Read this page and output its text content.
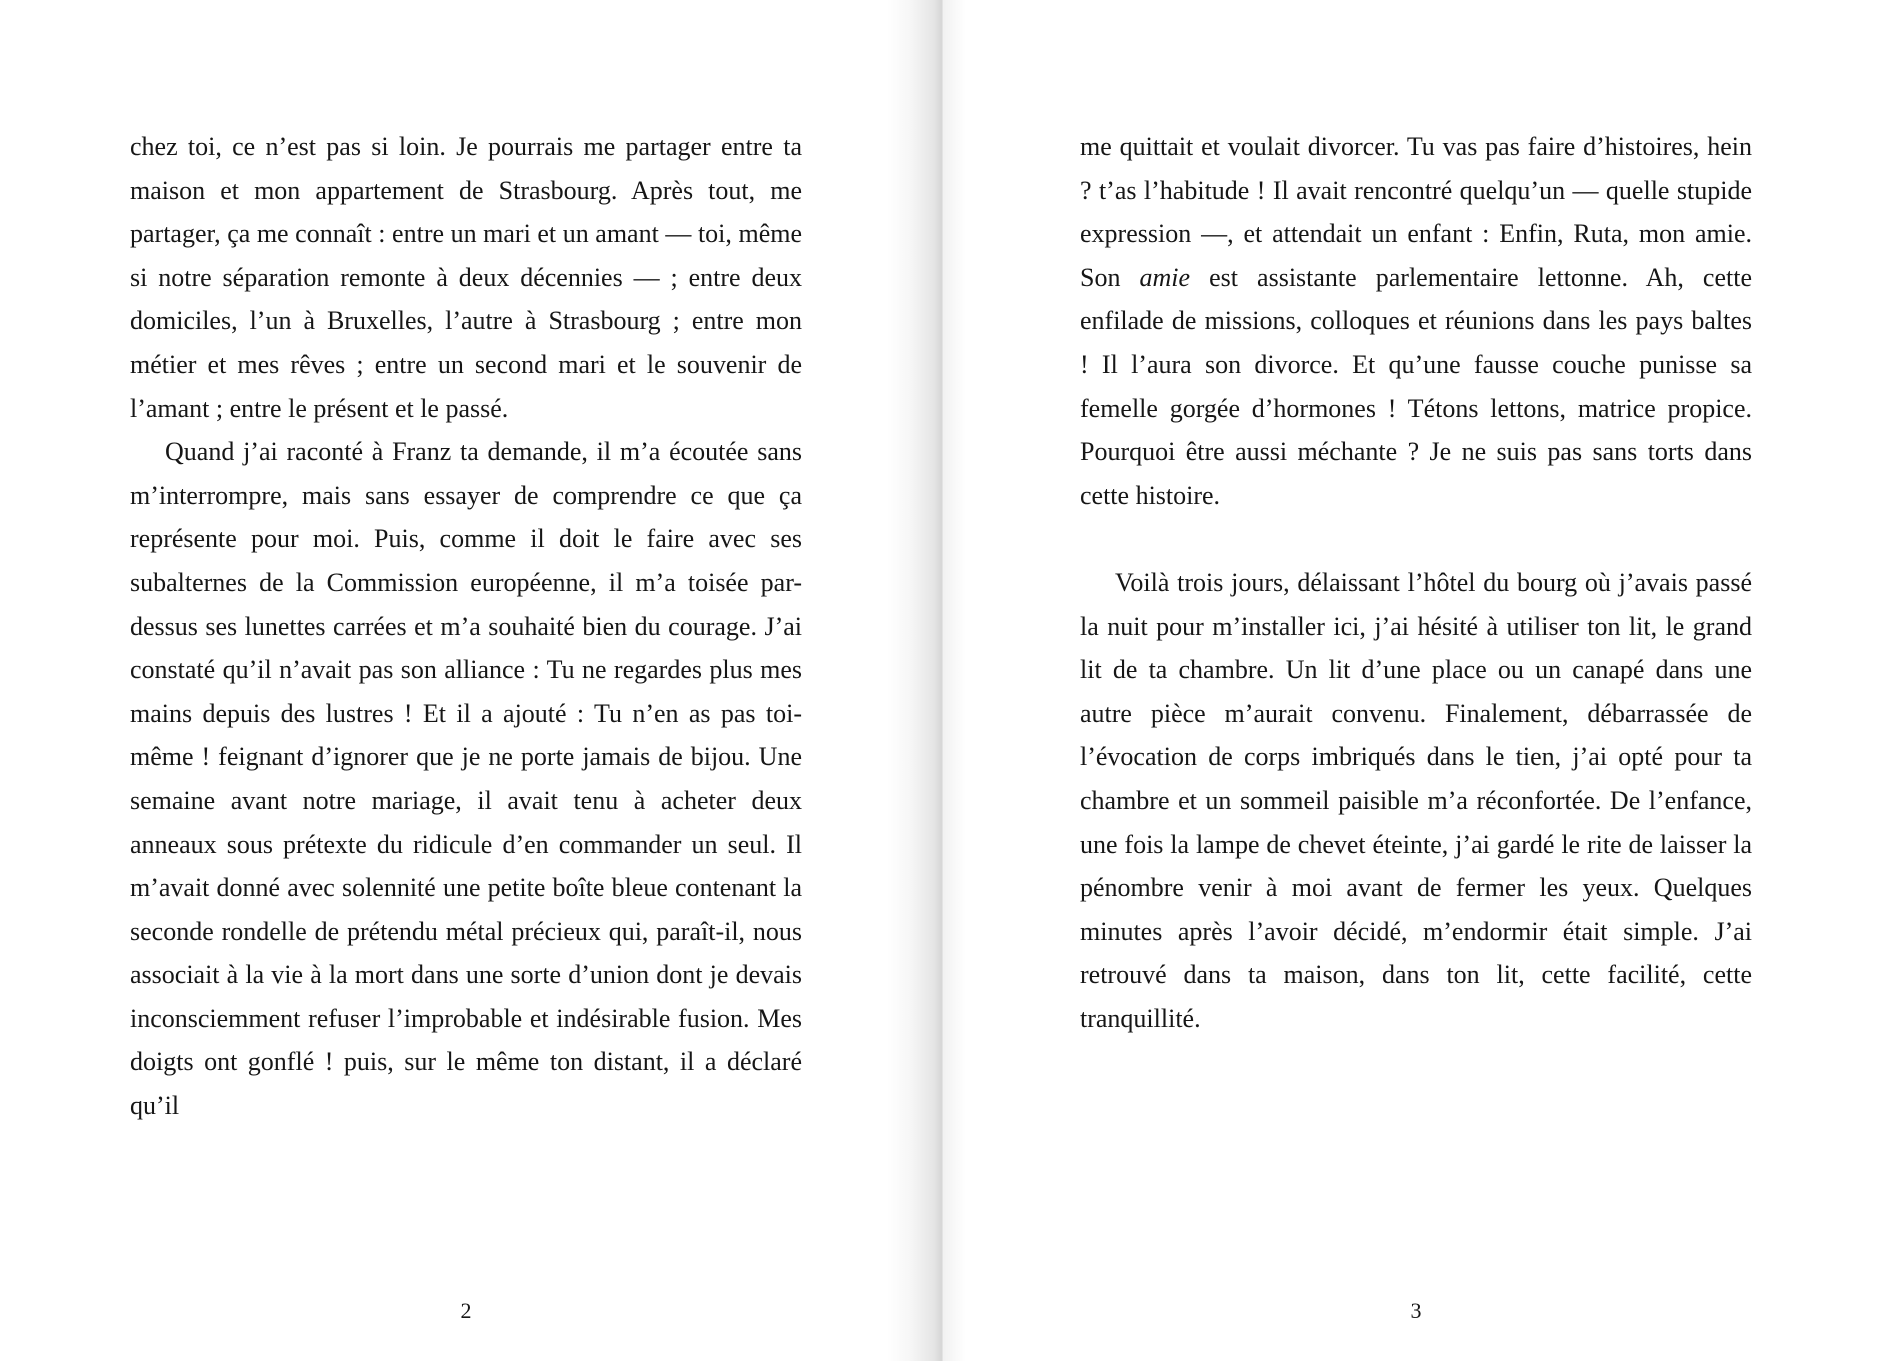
chez toi, ce n’est pas si loin. Je pourrais me partager entre ta maison et mon appartement de Strasbourg. Après tout, me partager, ça me connaît : entre un mari et un amant — toi, même si notre séparation remonte à deux décennies — ; entre deux domiciles, l’un à Bruxelles, l’autre à Strasbourg ; entre mon métier et mes rêves ; entre un second mari et le souvenir de l’amant ; entre le présent et le passé.

Quand j’ai raconté à Franz ta demande, il m’a écoutée sans m’interrompre, mais sans essayer de comprendre ce que ça représente pour moi. Puis, comme il doit le faire avec ses subalternes de la Commission européenne, il m’a toisée par-dessus ses lunettes carrées et m’a souhaité bien du courage. J’ai constaté qu’il n’avait pas son alliance : Tu ne regardes plus mes mains depuis des lustres ! Et il a ajouté : Tu n’en as pas toi-même ! feignant d’ignorer que je ne porte jamais de bijou. Une semaine avant notre mariage, il avait tenu à acheter deux anneaux sous prétexte du ridicule d’en commander un seul. Il m’avait donné avec solennité une petite boîte bleue contenant la seconde rondelle de prétendu métal précieux qui, paraît-il, nous associait à la vie à la mort dans une sorte d’union dont je devais inconsciemment refuser l’improbable et indésirable fusion. Mes doigts ont gonflé ! puis, sur le même ton distant, il a déclaré qu’il

2

me quittait et voulait divorcer. Tu vas pas faire d’histoires, hein ? t’as l’habitude ! Il avait rencontré quelqu’un — quelle stupide expression —, et attendait un enfant : Enfin, Ruta, mon amie. Son amie est assistante parlementaire lettonne. Ah, cette enfilade de missions, colloques et réunions dans les pays baltes ! Il l’aura son divorce. Et qu’une fausse couche punisse sa femelle gorgée d’hormones ! Tétons lettons, matrice propice. Pourquoi être aussi méchante ? Je ne suis pas sans torts dans cette histoire.

Voilà trois jours, délaissant l’hôtel du bourg où j’avais passé la nuit pour m’installer ici, j’ai hésité à utiliser ton lit, le grand lit de ta chambre. Un lit d’une place ou un canapé dans une autre pièce m’aurait convenu. Finalement, débarrassée de l’évocation de corps imbriqués dans le tien, j’ai opté pour ta chambre et un sommeil paisible m’a réconfortée. De l’enfance, une fois la lampe de chevet éteinte, j’ai gardé le rite de laisser la pénombre venir à moi avant de fermer les yeux. Quelques minutes après l’avoir décidé, m’endormir était simple. J’ai retrouvé dans ta maison, dans ton lit, cette facilité, cette tranquillité.

3
